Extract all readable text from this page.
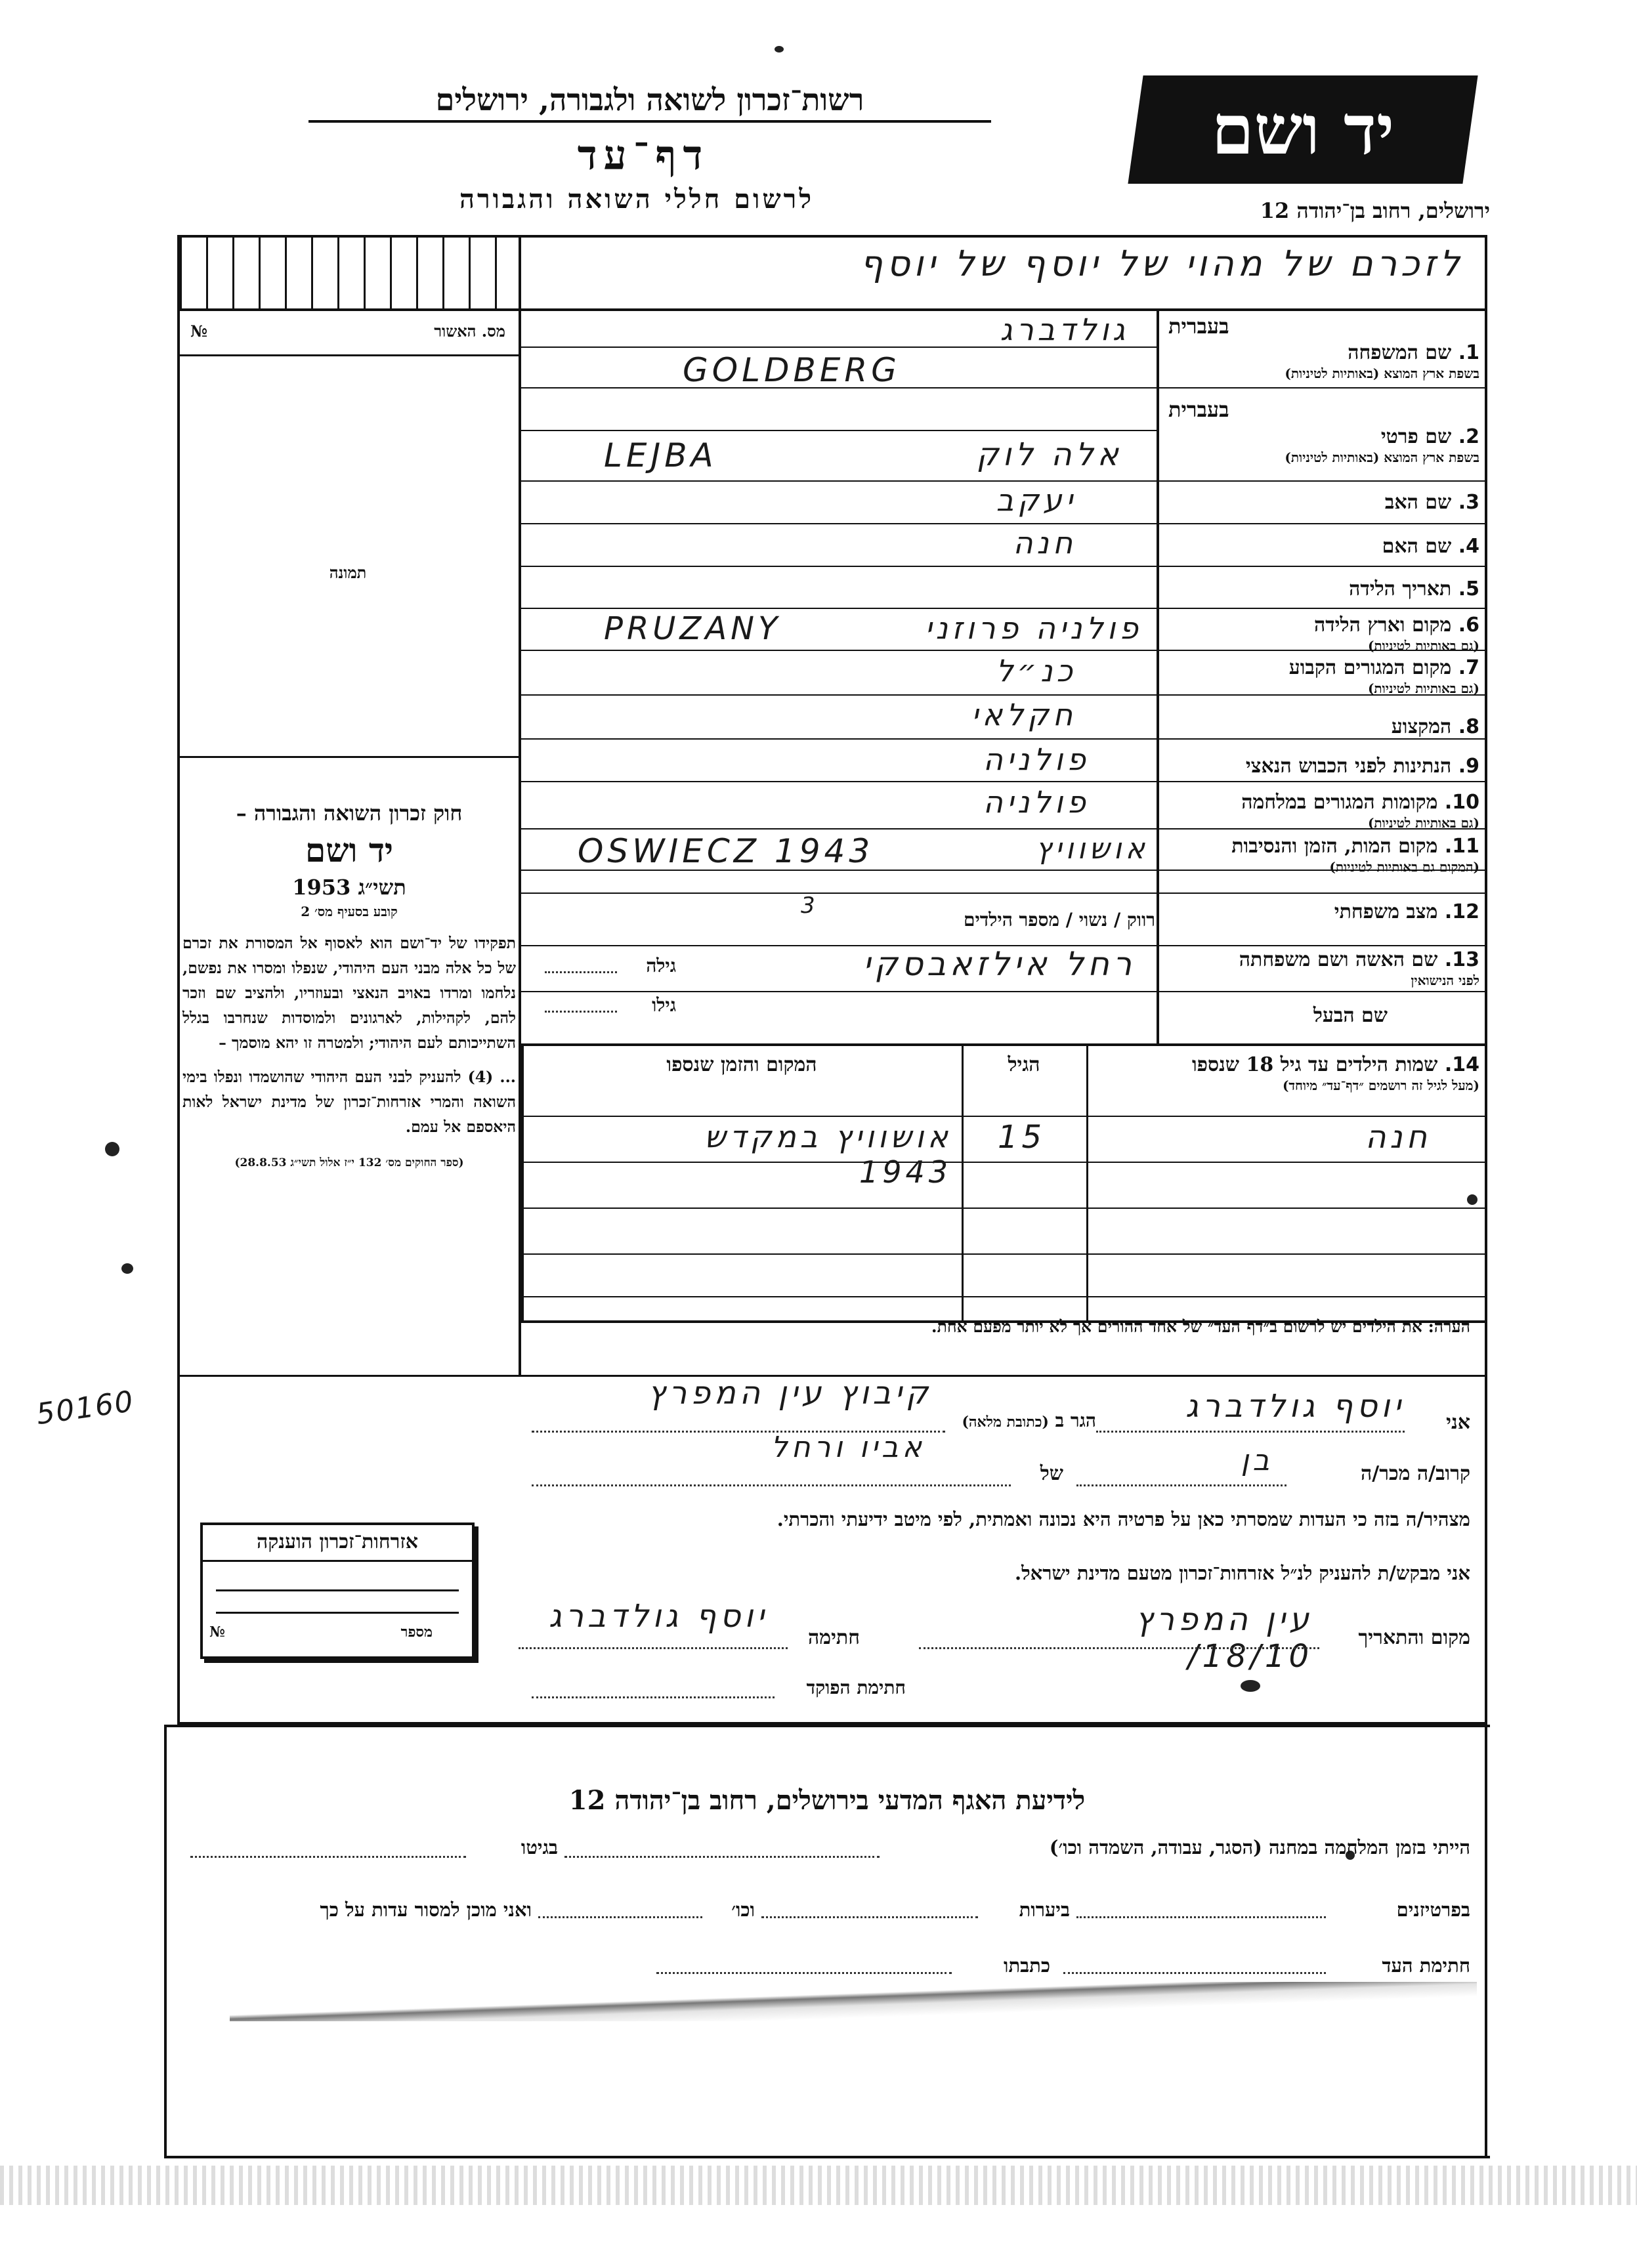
רשות־זכרון לשואה ולגבורה, ירושלים
דף־עד
לרשום חללי השואה והגבורה
יד ושם
ירושלים, רחוב בן־יהודה 12
לזכרם של מהוי של יוסף של יוסף
מס. האשור
№
תמונה
בעברית
בעברית
1. שם המשפחה
בשפת ארץ המוצא (באותיות לטיניות)
2. שם פרטי
בשפת ארץ המוצא (באותיות לטיניות)
3. שם האב
4. שם האם
5. תאריך הלידה
6. מקום וארץ הלידה
(גם באותיות לטיניות)
7. מקום המגורים הקבוע
(גם באותיות לטיניות)
8. המקצוע
9. הנתינות לפני הכבוש הנאצי
10. מקומות המגורים במלחמה
(גם באותיות לטיניות)
11. מקום המות, הזמן והנסיבות
(המקום גם באותיות לטיניות)
12. מצב משפחתי
13. שם האשה ושם משפחתה
לפני הנישואין
שם הבעל
גולדברג
GOLDBERG
אלה לוק
LEJBA
יעקב
חנה
פולניה פרוזני
PRUZANY
כנ״ל
חקלאי
פולניה
פולניה
אושוויץ
OSWIECZ 1943
רווק / נשוי / מספר הילדים
3
רחל אילזאבסקי
גילה
גילו
14. שמות הילדים עד גיל 18 שנספו
(מעל לגיל זה רושמים ״דף־עד״ מיוחד)
הגיל
המקום והזמן שנספו
חנה
15
אושוויץ במקדש 1943
חוק זכרון השואה והגבורה –
יד ושם
תשי״ג 1953
קובע בסעיף מס׳ 2
תפקידו של יד־ושם הוא לאסוף אל המסורת את זכרם של כל אלה מבני העם היהודי, שנפלו ומסרו את נפשם, נלחמו ומרדו באויב הנאצי ובעוזריו, ולהציב שם וזכר להם, לקהילות, לארגונים ולמוסדות שנחרבו בגלל השתייכותם לעם היהודי; ולמטרה זו יהא מוסמך –
... (4) להעניק לבני העם היהודי שהושמדו ונפלו בימי השואה והמרי אזרחות־זכרון של מדינת ישראל לאות היאספם אל עמם.
(ספר החוקים מס׳ 132 י״ז אלול תשי״ג 28.8.53)
הערה: את הילדים יש לרשום ב״דף־העד״ של אחד ההורים אך לא יותר מפעם אחת.
אני
יוסף גולדברג
הגר ב (כתובת מלאה)
קיבוץ עין המפרץ
קרוב/ה מכר/ה
בן
של
אביו ורחל
מצהיר/ה בזה כי העדות שמסרתי כאן על פרטיה היא נכונה ואמתית, לפי מיטב ידיעתי והכרתי.
אני מבקש/ת להעניק לנ״ל אזרחות־זכרון מטעם מדינת ישראל.
מקום והתאריך
עין המפרץ 18/10/
חתימה
יוסף גולדברג
חתימת הפוקד
אזרחות־זכרון הוענקה
מספר
№
50160
לידיעת האגף המדעי בירושלים, רחוב בן־יהודה 12
הייתי בזמן המלחמה במחנה (הסגר, עבודה, השמדה וכו׳)
בגיטו
בפרטיזנים
ביערות
וכו׳
ואני מוכן למסור עדות על כך
חתימת העד
כתבתו
